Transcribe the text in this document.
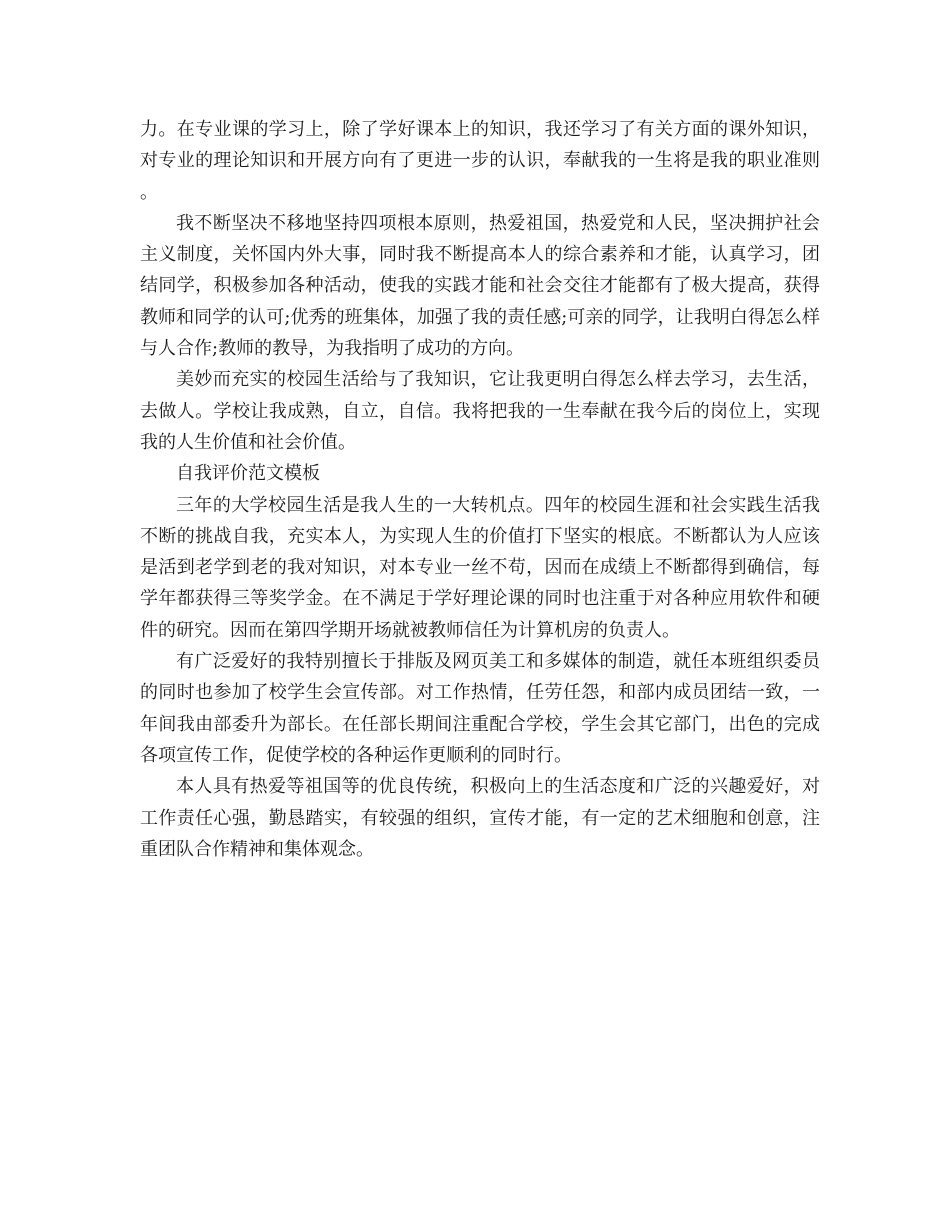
力。在专业课的学习上，除了学好课本上的知识，我还学习了有关方面的课外知识，对专业的理论知识和开展方向有了更进一步的认识，奉献我的一生将是我的职业准则。

我不断坚决不移地坚持四项根本原则，热爱祖国，热爱党和人民，坚决拥护社会主义制度，关怀国内外大事，同时我不断提高本人的综合素养和才能，认真学习，团结同学，积极参加各种活动，使我的实践才能和社会交往才能都有了极大提高，获得教师和同学的认可;优秀的班集体，加强了我的责任感;可亲的同学，让我明白得怎么样与人合作;教师的教导，为我指明了成功的方向。

美妙而充实的校园生活给与了我知识，它让我更明白得怎么样去学习，去生活，去做人。学校让我成熟，自立，自信。我将把我的一生奉献在我今后的岗位上，实现我的人生价值和社会价值。

自我评价范文模板

三年的大学校园生活是我人生的一大转机点。四年的校园生涯和社会实践生活我不断的挑战自我，充实本人，为实现人生的价值打下坚实的根底。不断都认为人应该是活到老学到老的我对知识，对本专业一丝不苟，因而在成绩上不断都得到确信，每学年都获得三等奖学金。在不满足于学好理论课的同时也注重于对各种应用软件和硬件的研究。因而在第四学期开场就被教师信任为计算机房的负责人。

有广泛爱好的我特别擅长于排版及网页美工和多媒体的制造，就任本班组织委员的同时也参加了校学生会宣传部。对工作热情，任劳任怨，和部内成员团结一致，一年间我由部委升为部长。在任部长期间注重配合学校，学生会其它部门，出色的完成各项宣传工作，促使学校的各种运作更顺利的同时行。

本人具有热爱等祖国等的优良传统，积极向上的生活态度和广泛的兴趣爱好，对工作责任心强，勤恳踏实，有较强的组织，宣传才能，有一定的艺术细胞和创意，注重团队合作精神和集体观念。
